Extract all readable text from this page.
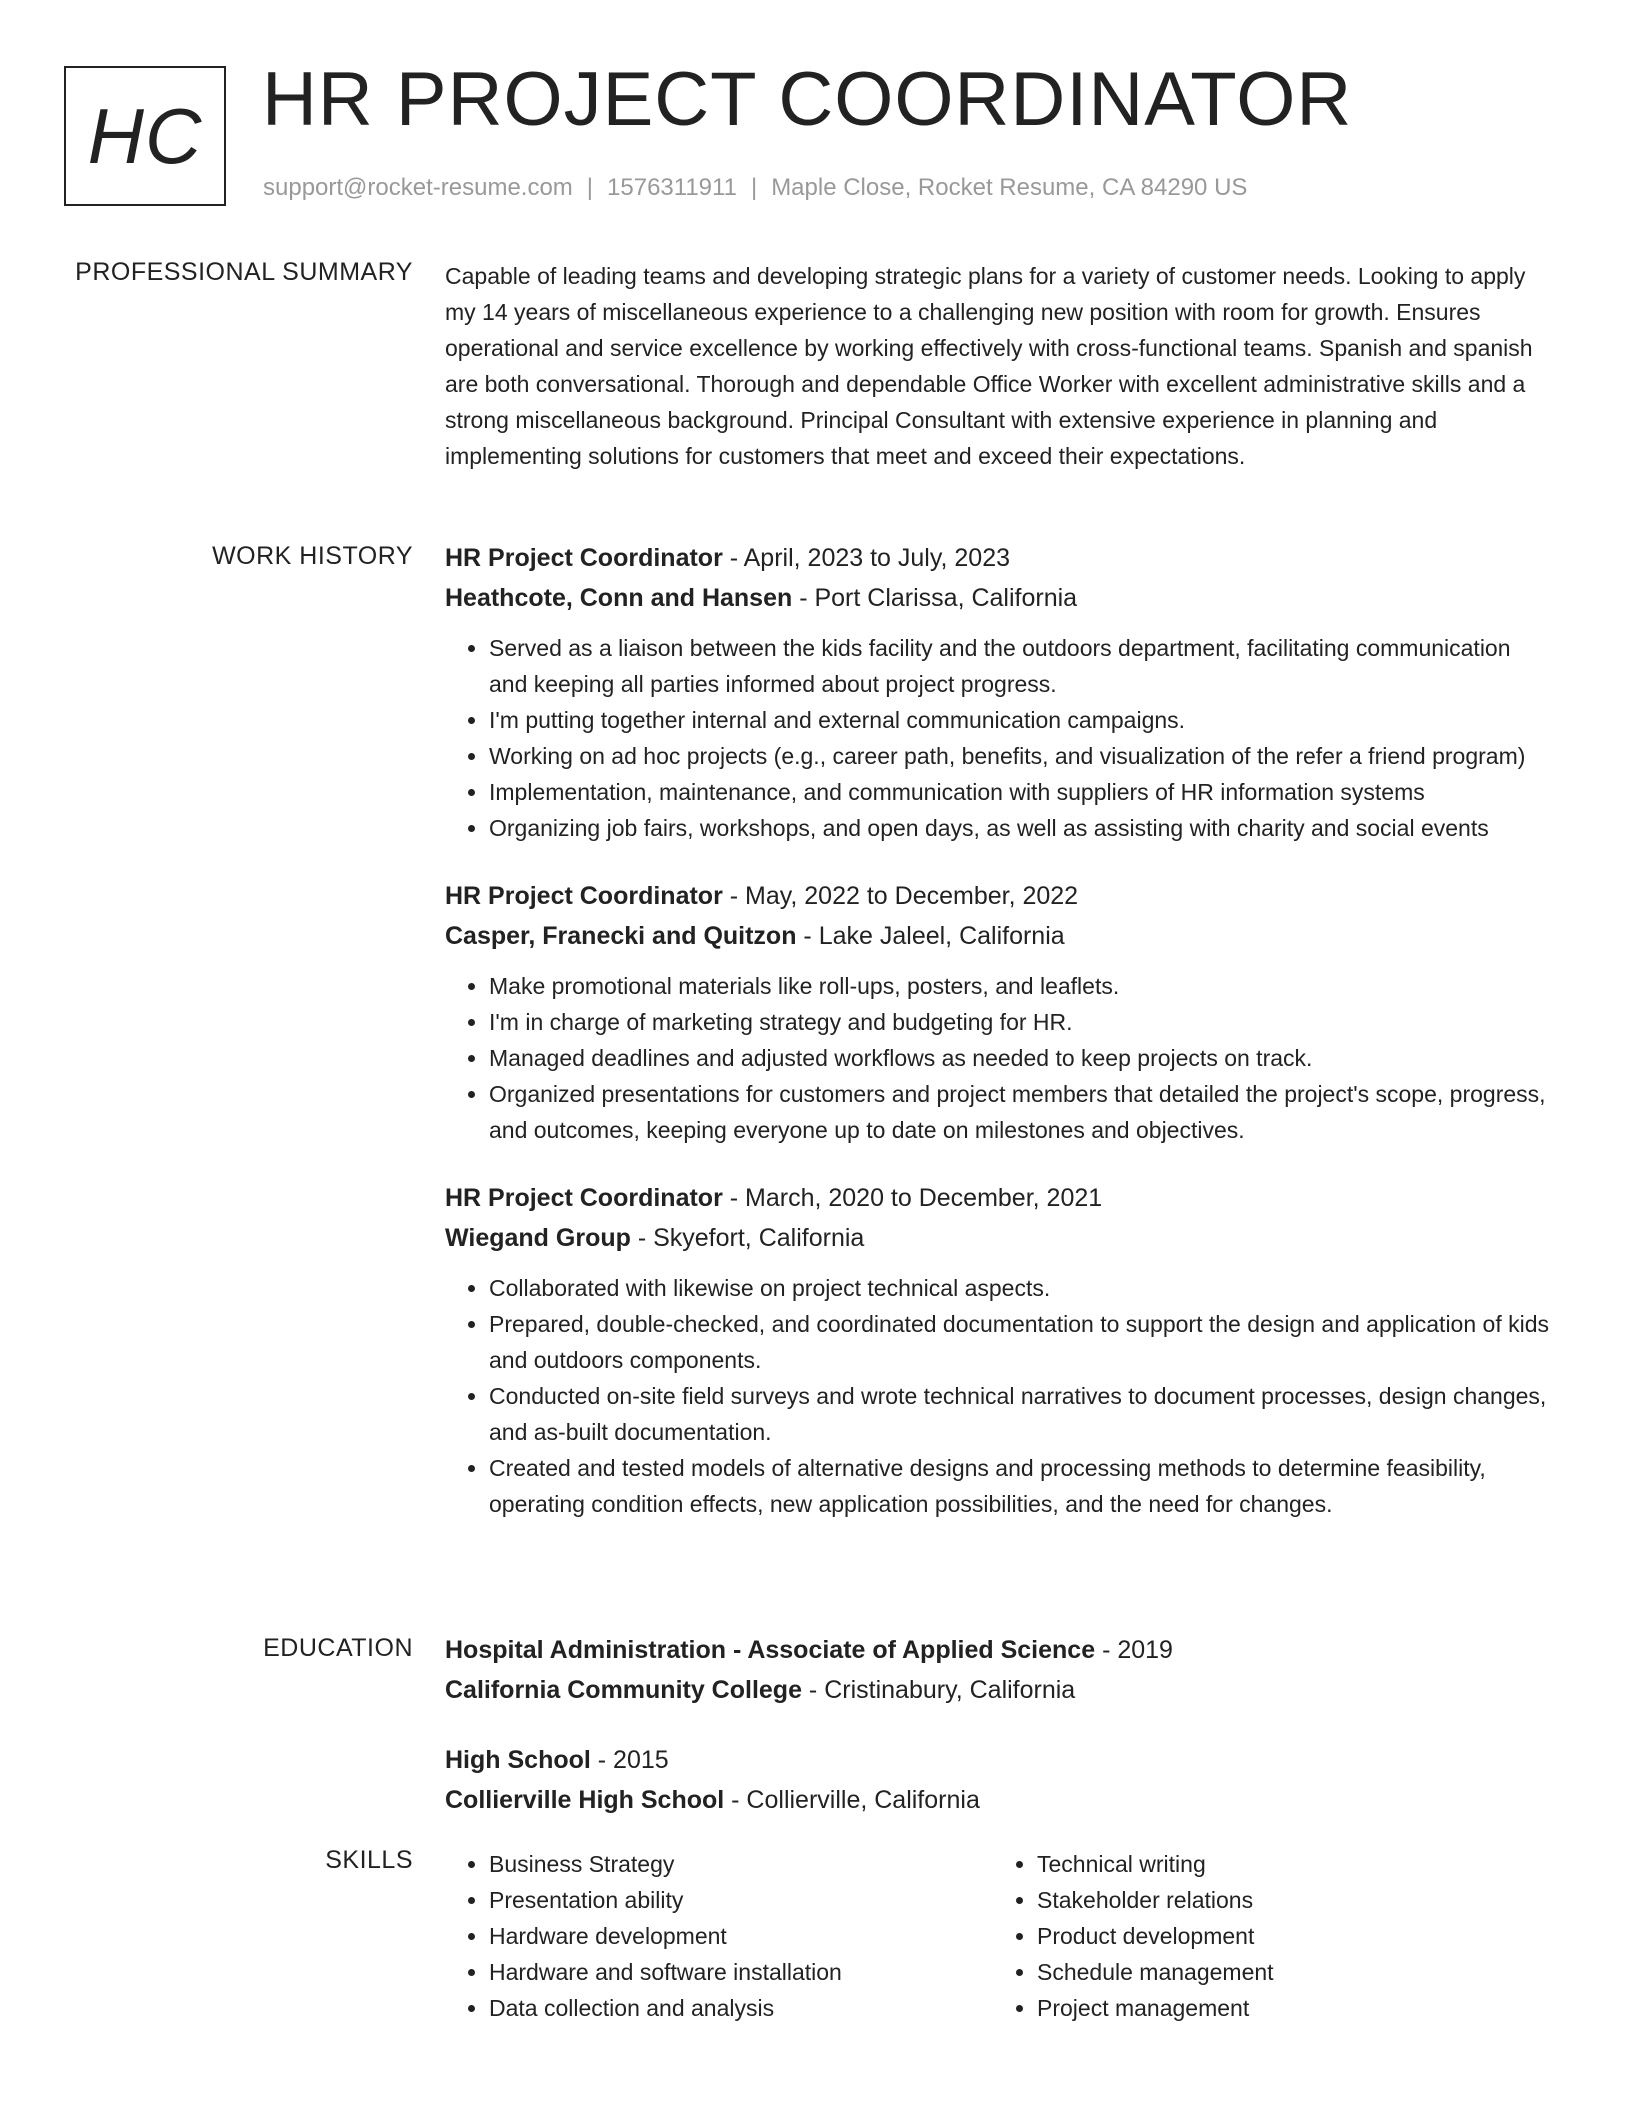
HC HR PROJECT COORDINATOR
support@rocket-resume.com | 1576311911 | Maple Close, Rocket Resume, CA 84290 US
PROFESSIONAL SUMMARY Capable of leading teams and developing strategic plans for a variety of customer needs. Looking to apply my 14 years of miscellaneous experience to a challenging new position with room for growth. Ensures operational and service excellence by working effectively with cross-functional teams. Spanish and spanish are both conversational. Thorough and dependable Office Worker with excellent administrative skills and a strong miscellaneous background. Principal Consultant with extensive experience in planning and implementing solutions for customers that meet and exceed their expectations.

WORK HISTORY HR Project Coordinator - April, 2023 to July, 2023
Heathcote, Conn and Hansen - Port Clarissa, California
• Served as a liaison between the kids facility and the outdoors department, facilitating communication and keeping all parties informed about project progress.
• I'm putting together internal and external communication campaigns.
• Working on ad hoc projects (e.g., career path, benefits, and visualization of the refer a friend program)
• Implementation, maintenance, and communication with suppliers of HR information systems
• Organizing job fairs, workshops, and open days, as well as assisting with charity and social events
HR Project Coordinator - May, 2022 to December, 2022
Casper, Franecki and Quitzon - Lake Jaleel, California
• Make promotional materials like roll-ups, posters, and leaflets.
• I'm in charge of marketing strategy and budgeting for HR.
• Managed deadlines and adjusted workflows as needed to keep projects on track.
• Organized presentations for customers and project members that detailed the project's scope, progress, and outcomes, keeping everyone up to date on milestones and objectives.
HR Project Coordinator - March, 2020 to December, 2021
Wiegand Group - Skyefort, California
• Collaborated with likewise on project technical aspects.
• Prepared, double-checked, and coordinated documentation to support the design and application of kids and outdoors components.
• Conducted on-site field surveys and wrote technical narratives to document processes, design changes, and as-built documentation.
• Created and tested models of alternative designs and processing methods to determine feasibility, operating condition effects, new application possibilities, and the need for changes.
EDUCATION Hospital Administration - Associate of Applied Science - 2019
California Community College - Cristinabury, California
High School - 2015
Collierville High School - Collierville, California
SKILLS
•	Business Strategy
• Presentation ability
• Hardware development
• Hardware and software installation
• Data collection and analysis
• Technical writing
• Stakeholder relations
• Product development
• Schedule management
• Project management
